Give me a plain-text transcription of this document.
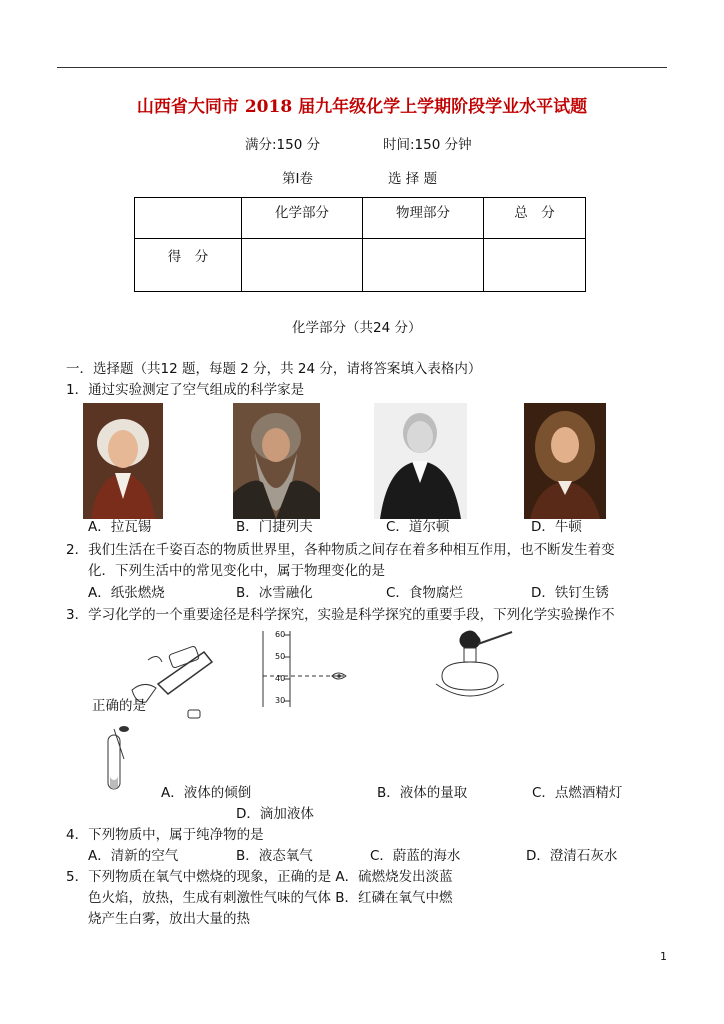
山西省大同市 2018 届九年级化学上学期阶段学业水平试题
满分:150 分	时间:150 分钟
第Ⅰ卷	选 择 题
	化学部分	物理部分	总　分
得　分			
化学部分（共24 分）
一．选择题（共12 题，每题 2 分，共 24 分，请将答案填入表格内）
1．通过实验测定了空气组成的科学家是
A．拉瓦锡	B．门捷列夫	C．道尔顿	D．牛顿
2．我们生活在千姿百态的物质世界里，各种物质之间存在着多种相互作用，也不断发生着变
化．下列生活中的常见变化中，属于物理变化的是
A．纸张燃烧	B．冰雪融化	C．食物腐烂	D．铁钉生锈
3．学习化学的一个重要途径是科学探究，实验是科学探究的重要手段，下列化学实验操作不
正确的是
60
50
40
30
A．液体的倾倒	B．液体的量取	C．点燃酒精灯
D．滴加液体
4．下列物质中，属于纯净物的是
A．清新的空气	B．液态氧气	C．蔚蓝的海水	D．澄清石灰水
5．下列物质在氧气中燃烧的现象，正确的是 A．硫燃烧发出淡蓝
色火焰，放热，生成有刺激性气味的气体 B．红磷在氧气中燃
烧产生白雾，放出大量的热
1
